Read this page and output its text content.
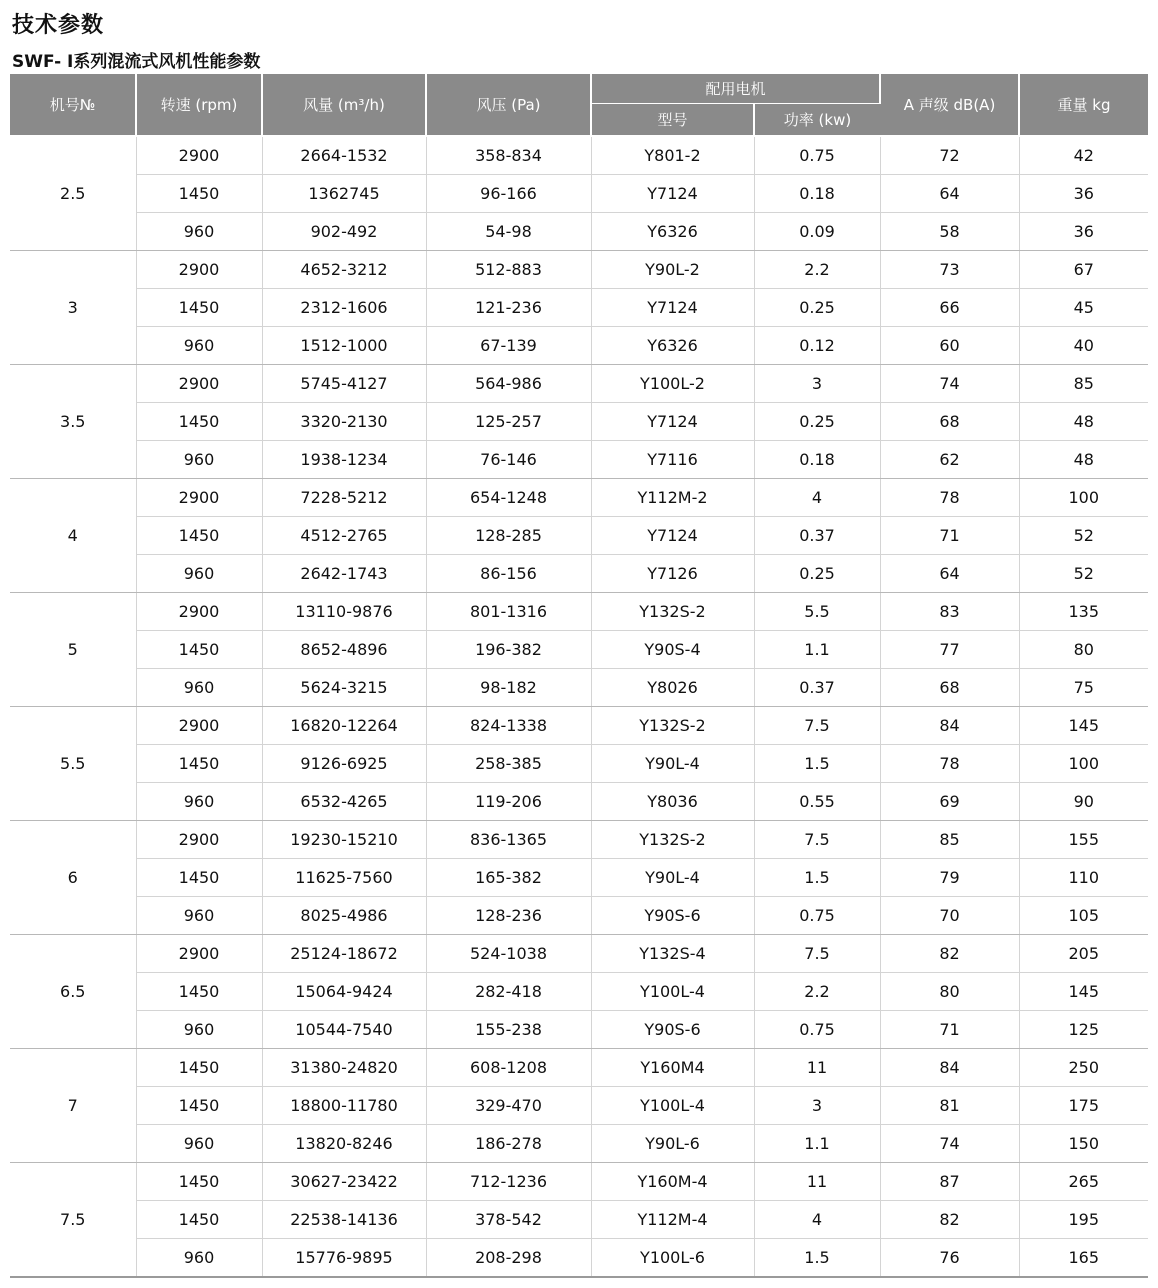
技术参数
SWF- Ⅰ系列混流式风机性能参数
机号№	转速 (rpm)	风量 (m³/h)	风压 (Pa)	配用电机		A 声级 dB(A)	重量 kg
				型号	功率 (kw)		
2.5	2900	2664-1532	358-834	Y801-2	0.75	72	42
	1450	1362745	96-166	Y7124	0.18	64	36
	960	902-492	54-98	Y6326	0.09	58	36
3	2900	4652-3212	512-883	Y90L-2	2.2	73	67
	1450	2312-1606	121-236	Y7124	0.25	66	45
	960	1512-1000	67-139	Y6326	0.12	60	40
3.5	2900	5745-4127	564-986	Y100L-2	3	74	85
	1450	3320-2130	125-257	Y7124	0.25	68	48
	960	1938-1234	76-146	Y7116	0.18	62	48
4	2900	7228-5212	654-1248	Y112M-2	4	78	100
	1450	4512-2765	128-285	Y7124	0.37	71	52
	960	2642-1743	86-156	Y7126	0.25	64	52
5	2900	13110-9876	801-1316	Y132S-2	5.5	83	135
	1450	8652-4896	196-382	Y90S-4	1.1	77	80
	960	5624-3215	98-182	Y8026	0.37	68	75
5.5	2900	16820-12264	824-1338	Y132S-2	7.5	84	145
	1450	9126-6925	258-385	Y90L-4	1.5	78	100
	960	6532-4265	119-206	Y8036	0.55	69	90
6	2900	19230-15210	836-1365	Y132S-2	7.5	85	155
	1450	11625-7560	165-382	Y90L-4	1.5	79	110
	960	8025-4986	128-236	Y90S-6	0.75	70	105
6.5	2900	25124-18672	524-1038	Y132S-4	7.5	82	205
	1450	15064-9424	282-418	Y100L-4	2.2	80	145
	960	10544-7540	155-238	Y90S-6	0.75	71	125
7	1450	31380-24820	608-1208	Y160M4	11	84	250
	1450	18800-11780	329-470	Y100L-4	3	81	175
	960	13820-8246	186-278	Y90L-6	1.1	74	150
7.5	1450	30627-23422	712-1236	Y160M-4	11	87	265
	1450	22538-14136	378-542	Y112M-4	4	82	195
	960	15776-9895	208-298	Y100L-6	1.5	76	165
